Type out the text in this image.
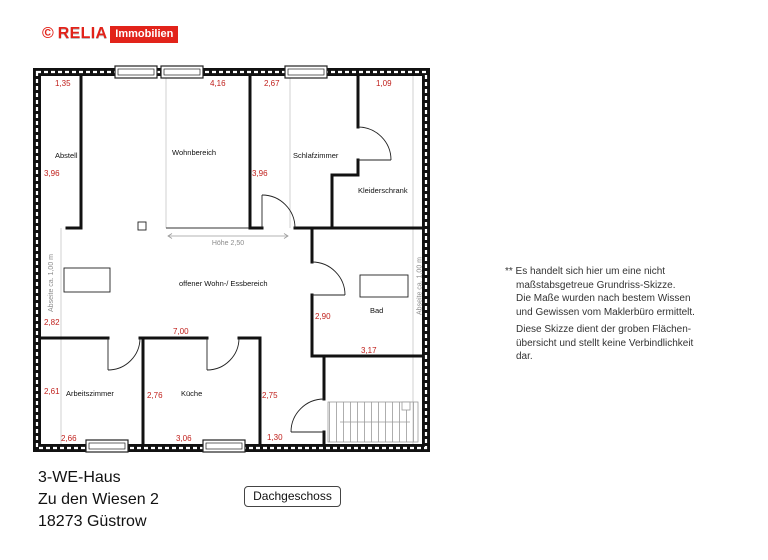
Höhe 2,50
Abseite ca. 1,00 m	Abseite ca. 1,00 m
Abstell	Wohnbereich	Schlafzimmer
Kleiderschrank
offener Wohn-/ Essbereich
Bad
Arbeitszimmer	Küche
1,35	4,16	2,67	1,09
3,96	3,96
2,82
7,00
2,90
3,17
2,61	2,76	2,75
2,66	3,06	1,30
© RELIA Immobilien
** Es handelt sich hier um eine nicht
maßstabsgetreue Grundriss-Skizze.
Die Maße wurden nach bestem Wissen
und Gewissen vom Maklerbüro ermittelt.
Diese Skizze dient der groben Flächen-
übersicht und stellt keine Verbindlichkeit
dar.
3-WE-Haus
Zu den Wiesen 2
18273 Güstrow
Dachgeschoss
